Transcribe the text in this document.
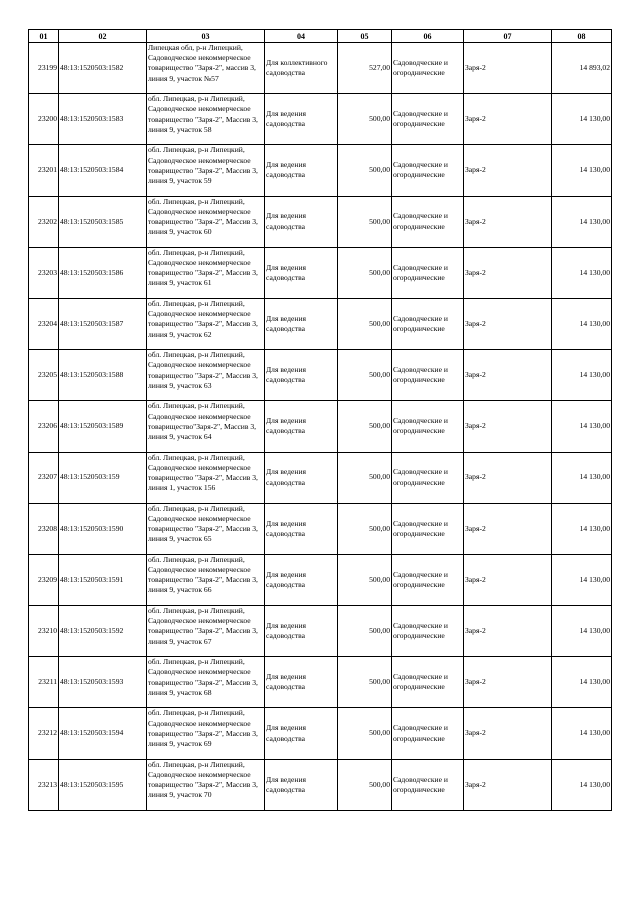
01	02	03	04	05	06	07	08
23199	48:13:1520503:1582	Липецкая обл, р-н Липецкий, Садоводческое некоммерческое товарищество "Заря-2", массив 3, линия 9, участок №57	Для коллективного садоводства	527,00	Садоводческие и огороднические	Заря-2	14 893,02
23200	48:13:1520503:1583	обл. Липецкая, р-н Липецкий, Садоводческое некоммерческое товарищество "Заря-2", Массив 3, линия 9, участок 58	Для ведения садоводства	500,00	Садоводческие и огороднические	Заря-2	14 130,00
23201	48:13:1520503:1584	обл. Липецкая, р-н Липецкий, Садоводческое некоммерческое товарищество "Заря-2", Массив 3, линия 9, участок 59	Для ведения садоводства	500,00	Садоводческие и огороднические	Заря-2	14 130,00
23202	48:13:1520503:1585	обл. Липецкая, р-н Липецкий, Садоводческое некоммерческое товарищество "Заря-2", Массив 3, линия 9, участок 60	Для ведения садоводства	500,00	Садоводческие и огороднические	Заря-2	14 130,00
23203	48:13:1520503:1586	обл. Липецкая, р-н Липецкий, Садоводческое некоммерческое товарищество "Заря-2", Массив 3, линия 9, участок 61	Для ведения садоводства	500,00	Садоводческие и огороднические	Заря-2	14 130,00
23204	48:13:1520503:1587	обл. Липецкая, р-н Липецкий, Садоводческое некоммерческое товарищество "Заря-2", Массив 3, линия 9, участок 62	Для ведения садоводства	500,00	Садоводческие и огороднические	Заря-2	14 130,00
23205	48:13:1520503:1588	обл. Липецкая, р-н Липецкий, Садоводческое некоммерческое товарищество "Заря-2", Массив 3, линия 9, участок 63	Для ведения садоводства	500,00	Садоводческие и огороднические	Заря-2	14 130,00
23206	48:13:1520503:1589	обл. Липецкая, р-н Липецкий, Садоводческое некоммерческое товарищество"Заря-2", Массив 3, линия 9, участок 64	Для ведения садоводства	500,00	Садоводческие и огороднические	Заря-2	14 130,00
23207	48:13:1520503:159	обл. Липецкая, р-н Липецкий, Садоводческое некоммерческое товарищество "Заря-2", Массив 3, линия 1, участок 156	Для ведения садоводства	500,00	Садоводческие и огороднические	Заря-2	14 130,00
23208	48:13:1520503:1590	обл. Липецкая, р-н Липецкий, Садоводческое некоммерческое товарищество "Заря-2", Массив 3, линия 9, участок 65	Для ведения садоводства	500,00	Садоводческие и огороднические	Заря-2	14 130,00
23209	48:13:1520503:1591	обл. Липецкая, р-н Липецкий, Садоводческое некоммерческое товарищество "Заря-2", Массив 3, линия 9, участок 66	Для ведения садоводства	500,00	Садоводческие и огороднические	Заря-2	14 130,00
23210	48:13:1520503:1592	обл. Липецкая, р-н Липецкий, Садоводческое некоммерческое товарищество "Заря-2", Массив 3, линия 9, участок 67	Для ведения садоводства	500,00	Садоводческие и огороднические	Заря-2	14 130,00
23211	48:13:1520503:1593	обл. Липецкая, р-н Липецкий, Садоводческое некоммерческое товарищество "Заря-2", Массив 3, линия 9, участок 68	Для ведения садоводства	500,00	Садоводческие и огороднические	Заря-2	14 130,00
23212	48:13:1520503:1594	обл. Липецкая, р-н Липецкий, Садоводческое некоммерческое товарищество "Заря-2", Массив 3, линия 9, участок 69	Для ведения садоводства	500,00	Садоводческие и огороднические	Заря-2	14 130,00
23213	48:13:1520503:1595	обл. Липецкая, р-н Липецкий, Садоводческое некоммерческое товарищество "Заря-2", Массив 3, линия 9, участок 70	Для ведения садоводства	500,00	Садоводческие и огороднические	Заря-2	14 130,00
